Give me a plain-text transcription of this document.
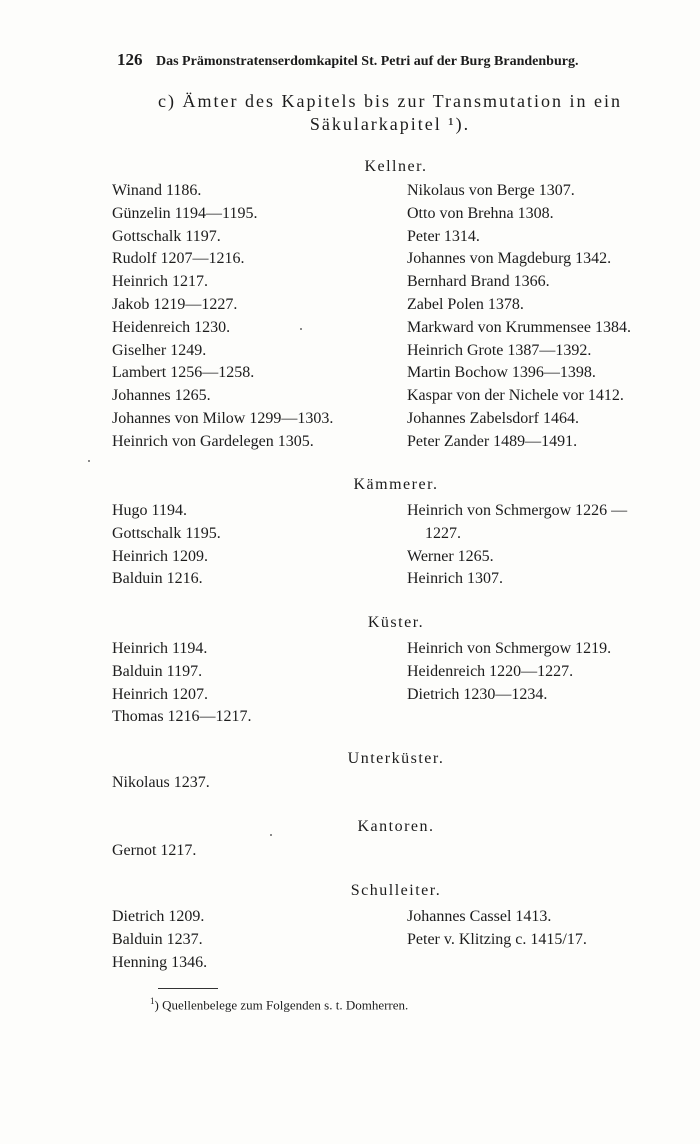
126 Das Prämonstratenserdomkapitel St. Petri auf der Burg Brandenburg.
c) Ämter des Kapitels bis zur Transmutation in ein
Säkularkapitel ¹).
Kellner.
Winand 1186.
Günzelin 1194—1195.
Gottschalk 1197.
Rudolf 1207—1216.
Heinrich 1217.
Jakob 1219—1227.
Heidenreich 1230.
Giselher 1249.
Lambert 1256—1258.
Johannes 1265.
Johannes von Milow 1299—1303.
Heinrich von Gardelegen 1305.
Nikolaus von Berge 1307.
Otto von Brehna 1308.
Peter 1314.
Johannes von Magdeburg 1342.
Bernhard Brand 1366.
Zabel Polen 1378.
Markward von Krummensee 1384.
Heinrich Grote 1387—1392.
Martin Bochow 1396—1398.
Kaspar von der Nichele vor 1412.
Johannes Zabelsdorf 1464.
Peter Zander 1489—1491.
Kämmerer.
Hugo 1194.
Gottschalk 1195.
Heinrich 1209.
Balduin 1216.
Heinrich von Schmergow 1226 —
1227.
Werner 1265.
Heinrich 1307.
Küster.
Heinrich 1194.
Balduin 1197.
Heinrich 1207.
Thomas 1216—1217.
Heinrich von Schmergow 1219.
Heidenreich 1220—1227.
Dietrich 1230—1234.
Unterküster.
Nikolaus 1237.
Kantoren.
Gernot 1217.
Schulleiter.
Dietrich 1209.
Balduin 1237.
Henning 1346.
Johannes Cassel 1413.
Peter v. Klitzing c. 1415/17.
$^1$) Quellenbelege zum Folgenden s. t. Domherren.
